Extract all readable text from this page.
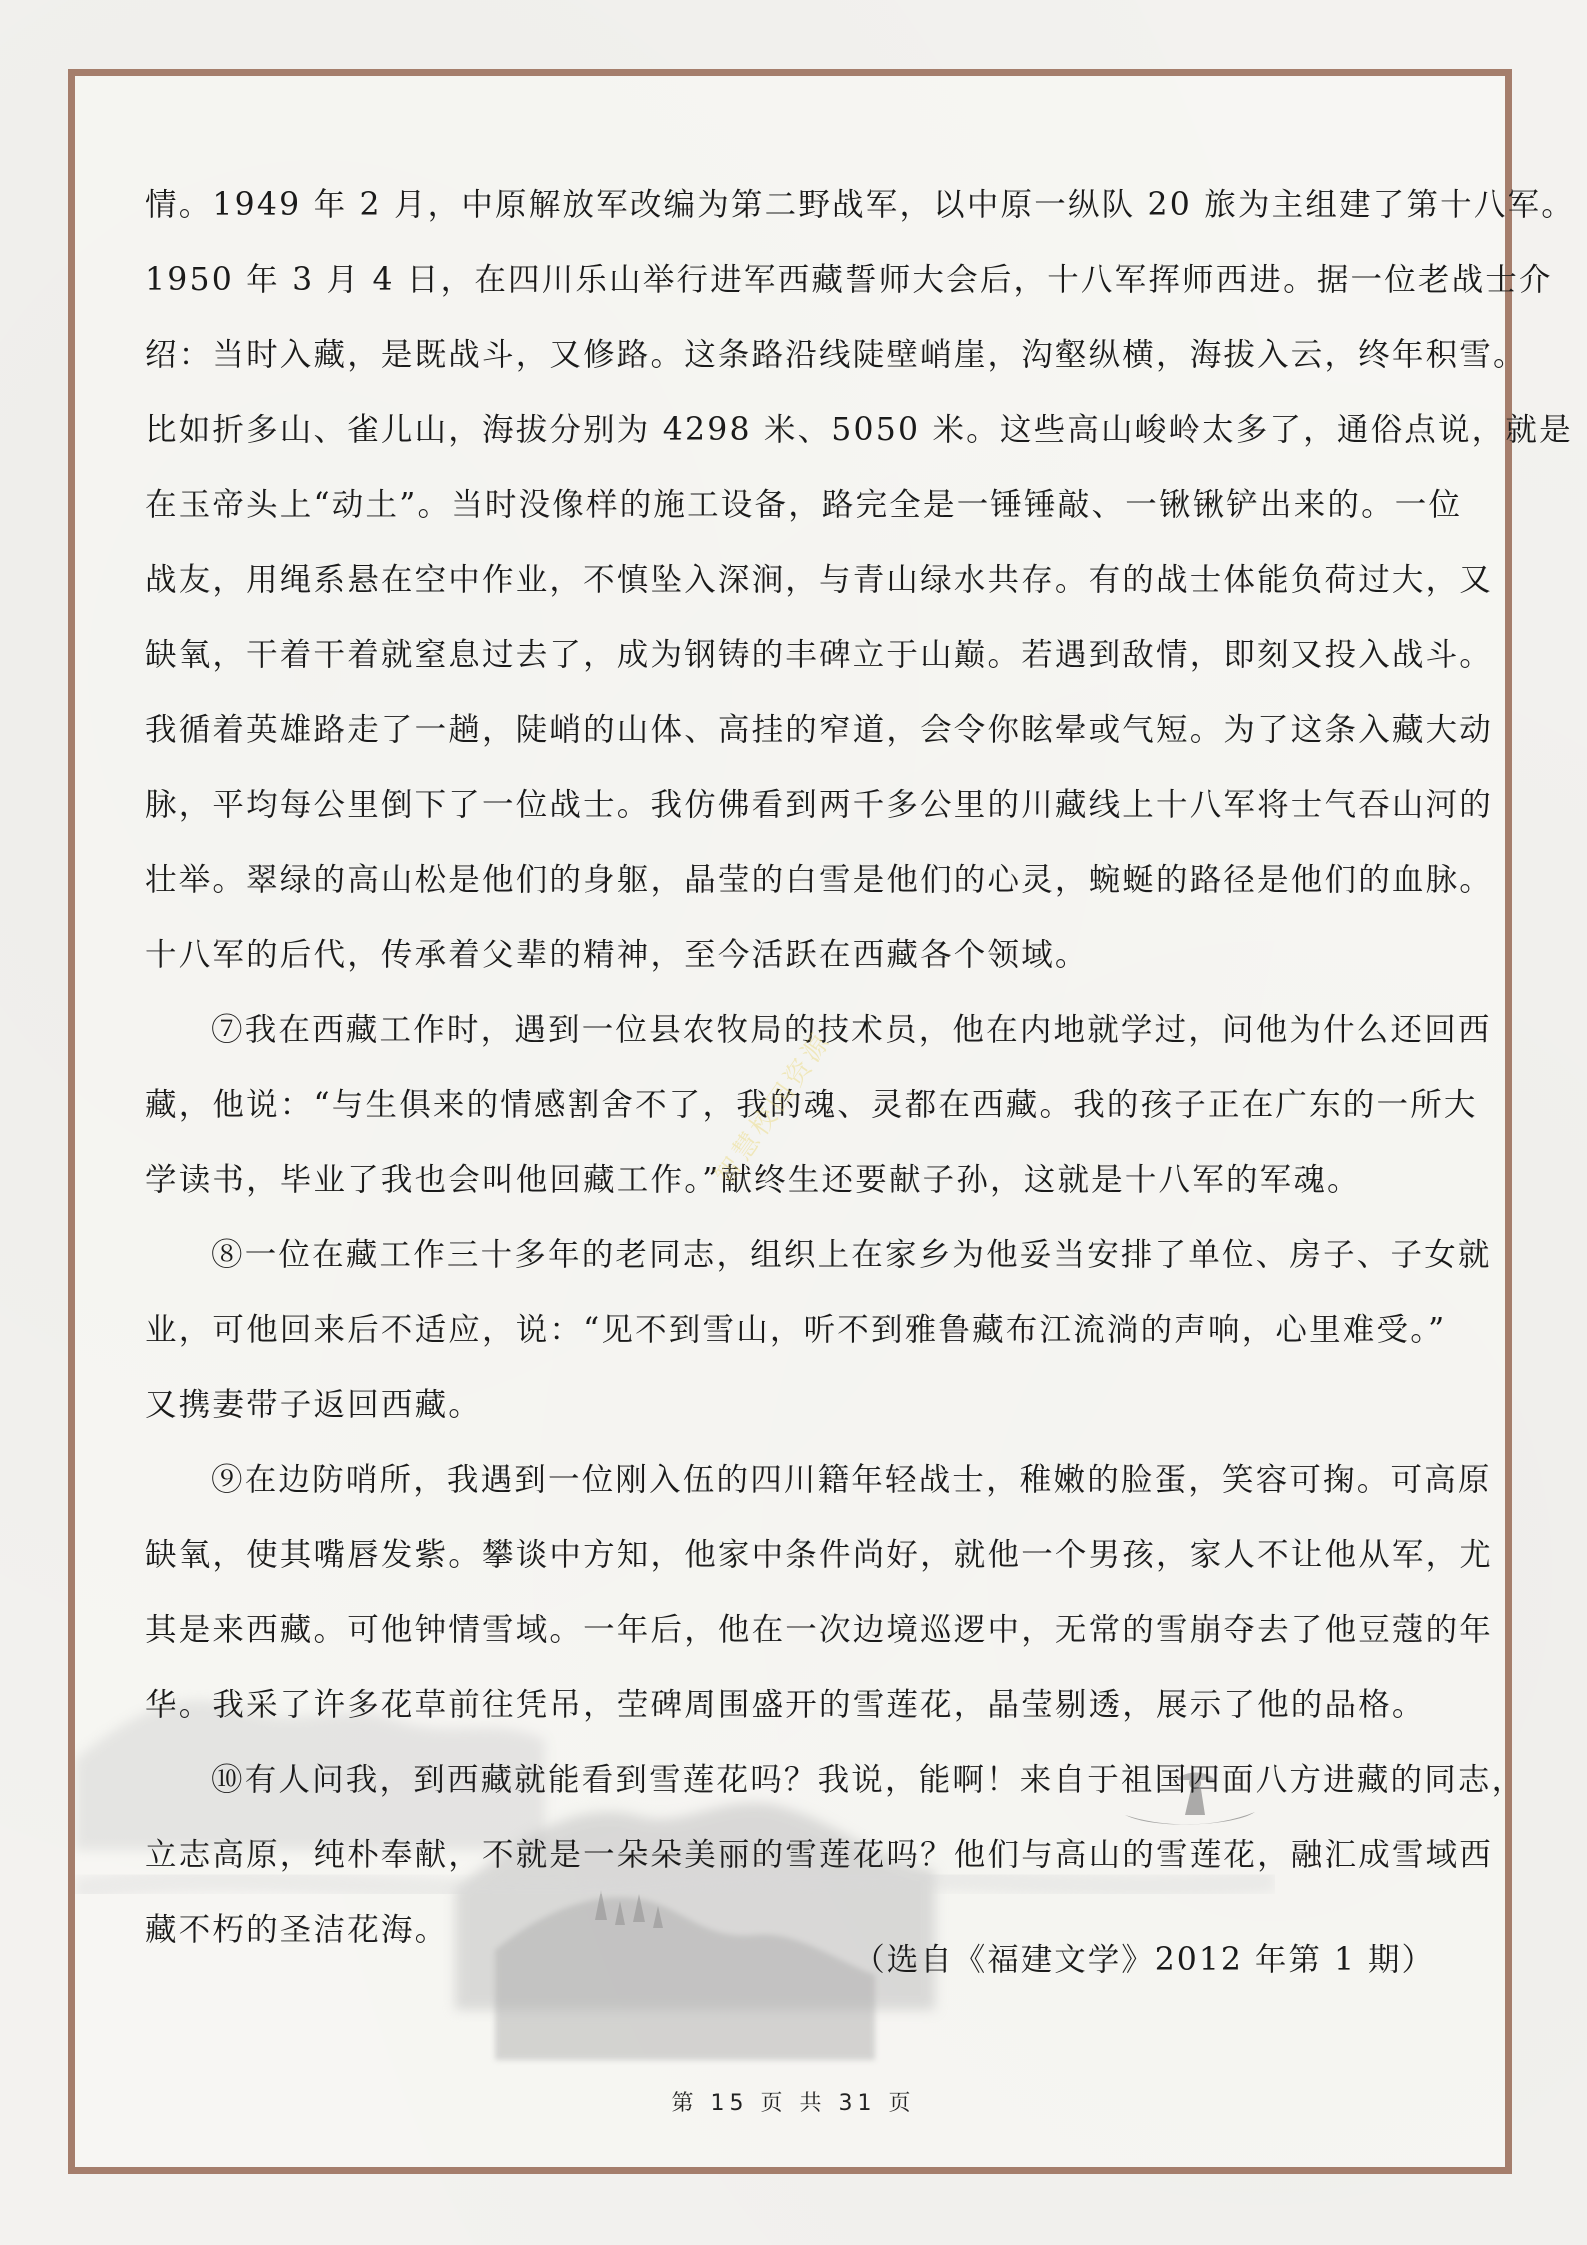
情。1949 年 2 月，中原解放军改编为第二野战军，以中原一纵队 20 旅为主组建了第十八军。
1950 年 3 月 4 日，在四川乐山举行进军西藏誓师大会后，十八军挥师西进。据一位老战士介
绍：当时入藏，是既战斗，又修路。这条路沿线陡壁峭崖，沟壑纵横，海拔入云，终年积雪。
比如折多山、雀儿山，海拔分别为 4298 米、5050 米。这些高山峻岭太多了，通俗点说，就是
在玉帝头上“动土”。当时没像样的施工设备，路完全是一锤锤敲、一锹锹铲出来的。一位
战友，用绳系悬在空中作业，不慎坠入深涧，与青山绿水共存。有的战士体能负荷过大，又
缺氧，干着干着就窒息过去了，成为钢铸的丰碑立于山巅。若遇到敌情，即刻又投入战斗。
我循着英雄路走了一趟，陡峭的山体、高挂的窄道，会令你眩晕或气短。为了这条入藏大动
脉，平均每公里倒下了一位战士。我仿佛看到两千多公里的川藏线上十八军将士气吞山河的
壮举。翠绿的高山松是他们的身躯，晶莹的白雪是他们的心灵，蜿蜒的路径是他们的血脉。
十八军的后代，传承着父辈的精神，至今活跃在西藏各个领域。
⑦我在西藏工作时，遇到一位县农牧局的技术员，他在内地就学过，问他为什么还回西
藏，他说：“与生俱来的情感割舍不了，我的魂、灵都在西藏。我的孩子正在广东的一所大
学读书，毕业了我也会叫他回藏工作。”献终生还要献子孙，这就是十八军的军魂。
⑧一位在藏工作三十多年的老同志，组织上在家乡为他妥当安排了单位、房子、子女就
业，可他回来后不适应，说：“见不到雪山，听不到雅鲁藏布江流淌的声响，心里难受。”
又携妻带子返回西藏。
⑨在边防哨所，我遇到一位刚入伍的四川籍年轻战士，稚嫩的脸蛋，笑容可掬。可高原
缺氧，使其嘴唇发紫。攀谈中方知，他家中条件尚好，就他一个男孩，家人不让他从军，尤
其是来西藏。可他钟情雪域。一年后，他在一次边境巡逻中，无常的雪崩夺去了他豆蔻的年
华。我采了许多花草前往凭吊，茔碑周围盛开的雪莲花，晶莹剔透，展示了他的品格。
⑩有人问我，到西藏就能看到雪莲花吗？我说，能啊！来自于祖国四面八方进藏的同志，
立志高原，纯朴奉献，不就是一朵朵美丽的雪莲花吗？他们与高山的雪莲花，融汇成雪域西
藏不朽的圣洁花海。
智慧校园资源
（选自《福建文学》2012 年第 1 期）
第 15 页 共 31 页
